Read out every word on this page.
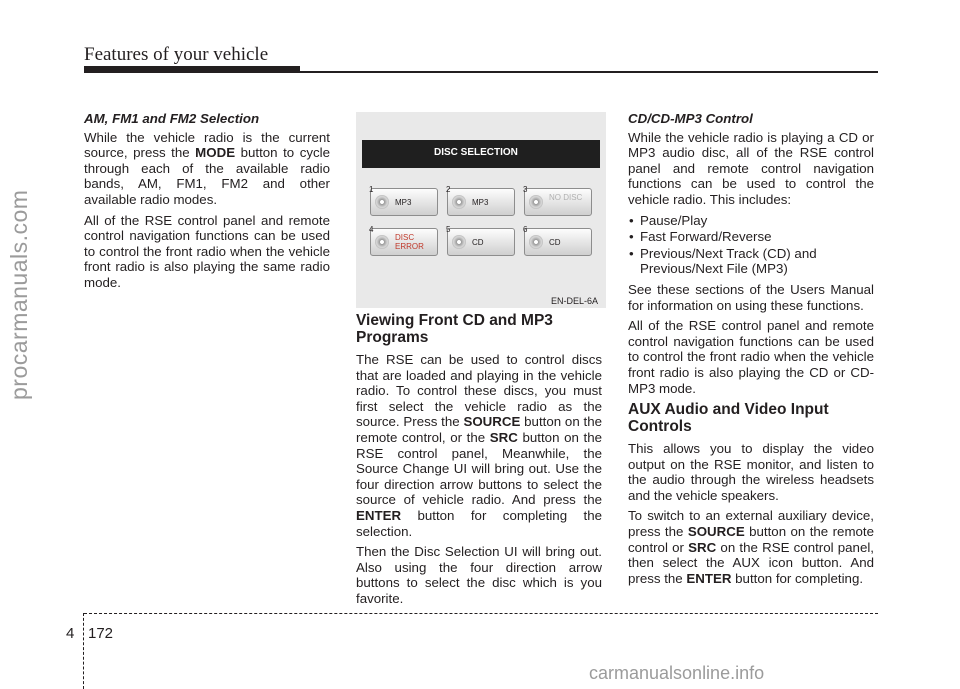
Features of your vehicle
procarmanuals.com
AM, FM1 and FM2 Selection

While the vehicle radio is the current source, press the MODE button to cycle through each of the available radio bands, AM, FM1, FM2 and other available radio modes.

All of the RSE control panel and remote control navigation functions can be used to control the front radio when the vehicle front radio is also playing the same radio mode.

DISC SELECTION
1
MP3
2
MP3
3
NO DISC
4
DISC ERROR
5
CD
6
CD
EN-DEL-6A
Viewing Front CD and MP3 Programs

The RSE can be used to control discs that are loaded and playing in the vehicle radio. To control these discs, you must first select the vehicle radio as the source. Press the SOURCE button on the remote control, or the SRC button on the RSE control panel, Meanwhile, the Source Change UI will bring out. Use the four direction arrow buttons to select the source of vehicle radio. And press the ENTER button for completing the selection.

Then the Disc Selection UI will bring out. Also using the four direction arrow buttons to select the disc which is you favorite.

CD/CD-MP3 Control

While the vehicle radio is playing a CD or MP3 audio disc, all of the RSE control panel and remote control navigation functions can be used to control the vehicle radio. This includes:

• Pause/Play
• Fast Forward/Reverse
• Previous/Next Track (CD) and Previous/Next File (MP3)

See these sections of the Users Manual for information on using these functions.

All of the RSE control panel and remote control navigation functions can be used to control the front radio when the vehicle front radio is also playing the CD or CD-MP3 mode.

AUX Audio and Video Input Controls

This allows you to display the video output on the RSE monitor, and listen to the audio through the wireless headsets and the vehicle speakers.

To switch to an external auxiliary device, press the SOURCE button on the remote control or SRC on the RSE control panel, then select the AUX icon button. And press the ENTER button for completing.

4 172
carmanualsonline.info
